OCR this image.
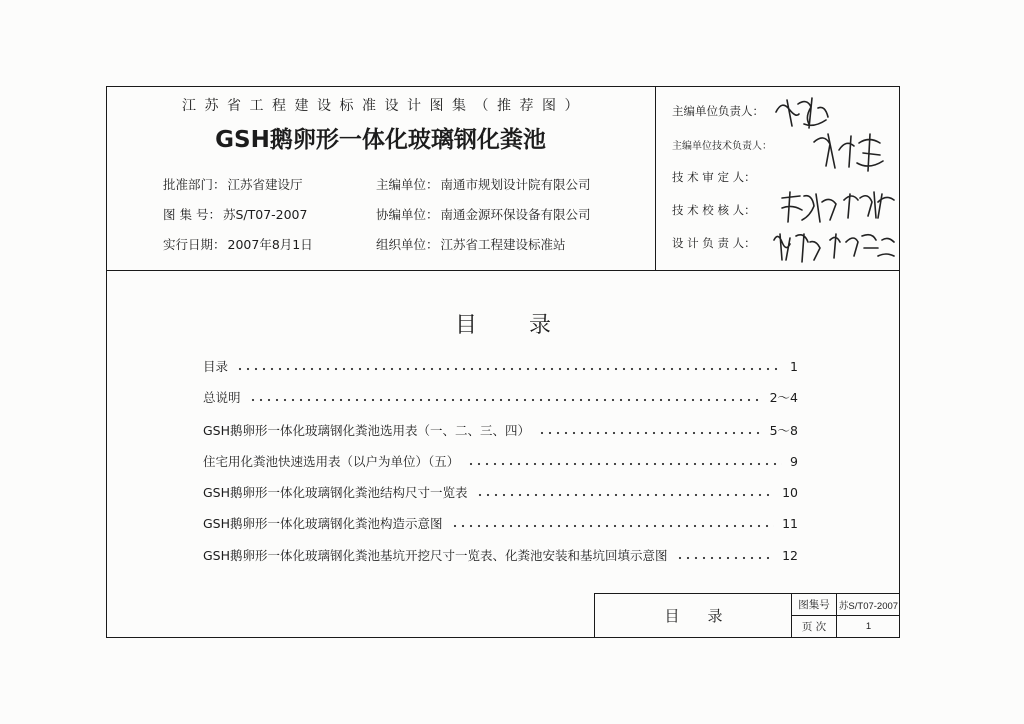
江苏省工程建设标准设计图集（推荐图）
GSH鹅卵形一体化玻璃钢化粪池
批准部门： 江苏省建设厅
图 集 号： 苏S/T07-2007
实行日期： 2007年8月1日
主编单位： 南通市规划设计院有限公司
协编单位： 南通金源环保设备有限公司
组织单位： 江苏省工程建设标准站
主编单位负责人：
主编单位技术负责人：
技 术 审 定 人：
技 术 校 核 人：
设 计 负 责 人：
目录
目录	1
总说明	2～4
GSH鹅卵形一体化玻璃钢化粪池选用表（一、二、三、四）	5～8
住宅用化粪池快速选用表（以户为单位）（五）	9
GSH鹅卵形一体化玻璃钢化粪池结构尺寸一览表	10
GSH鹅卵形一体化玻璃钢化粪池构造示意图	11
GSH鹅卵形一体化玻璃钢化粪池基坑开挖尺寸一览表、化粪池安装和基坑回填示意图	12
目录
图集号 苏S/T07-2007
页 次	1
